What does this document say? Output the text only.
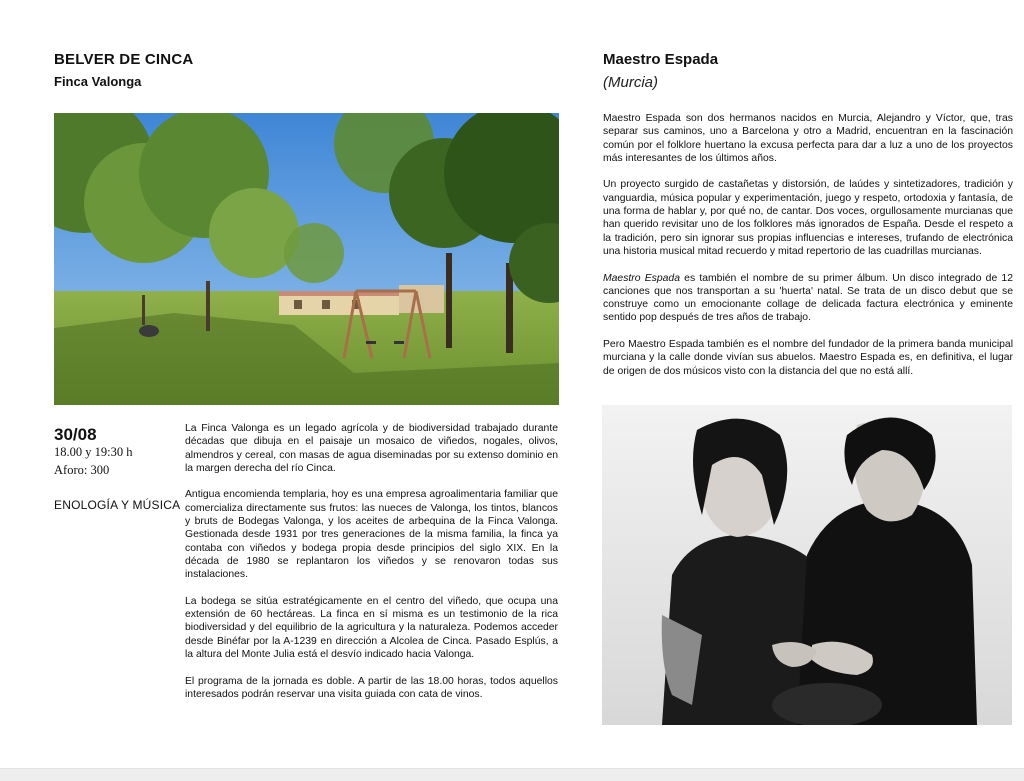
BELVER DE CINCA
Finca Valonga
30/08
18.00 y 19:30 h
Aforo: 300
ENOLOGÍA Y MÚSICA

La Finca Valonga es un legado agrícola y de biodiversidad trabajado durante décadas que dibuja en el paisaje un mosaico de viñedos, nogales, olivos, almendros y cereal, con masas de agua diseminadas por su extenso dominio en la margen derecha del río Cinca.

Antigua encomienda templaria, hoy es una empresa agroalimentaria familiar que comercializa directamente sus frutos: las nueces de Valonga, los tintos, blancos y bruts de Bodegas Valonga, y los aceites de arbequina de la Finca Valonga. Gestionada desde 1931 por tres generaciones de la misma familia, la finca ya contaba con viñedos y bodega propia desde principios del siglo XIX. En la década de 1980 se replantaron los viñedos y se renovaron todas sus instalaciones.

La bodega se sitúa estratégicamente en el centro del viñedo, que ocupa una extensión de 60 hectáreas. La finca en sí misma es un testimonio de la rica biodiversidad y del equilibrio de la agricultura y la naturaleza. Podemos acceder desde Binéfar por la A-1239 en dirección a Alcolea de Cinca. Pasado Esplús, a la altura del Monte Julia está el desvío indicado hacia Valonga.

El programa de la jornada es doble. A partir de las 18.00 horas, todos aquellos interesados podrán reservar una visita guiada con cata de vinos.

Maestro Espada
(Murcia)

Maestro Espada son dos hermanos nacidos en Murcia, Alejandro y Víctor, que, tras separar sus caminos, uno a Barcelona y otro a Madrid, encuentran en la fascinación común por el folklore huertano la excusa perfecta para dar a luz a uno de los proyectos más interesantes de los últimos años.

Un proyecto surgido de castañetas y distorsión, de laúdes y sintetizadores, tradición y vanguardia, música popular y experimentación, juego y respeto, ortodoxia y fantasía, de una forma de hablar y, por qué no, de cantar. Dos voces, orgullosamente murcianas que han querido revisitar uno de los folklores más ignorados de España. Desde el respeto a la tradición, pero sin ignorar sus propias influencias e intereses, trufando de electrónica una historia musical mitad recuerdo y mitad repertorio de las cuadrillas murcianas.

Maestro Espada es también el nombre de su primer álbum. Un disco integrado de 12 canciones que nos transportan a su 'huerta' natal. Se trata de un disco debut que se construye como un emocionante collage de delicada factura electrónica y eminente sentido pop después de tres años de trabajo.

Pero Maestro Espada también es el nombre del fundador de la primera banda municipal murciana y la calle donde vivían sus abuelos. Maestro Espada es, en definitiva, el lugar de origen de dos músicos visto con la distancia del que no está allí.
